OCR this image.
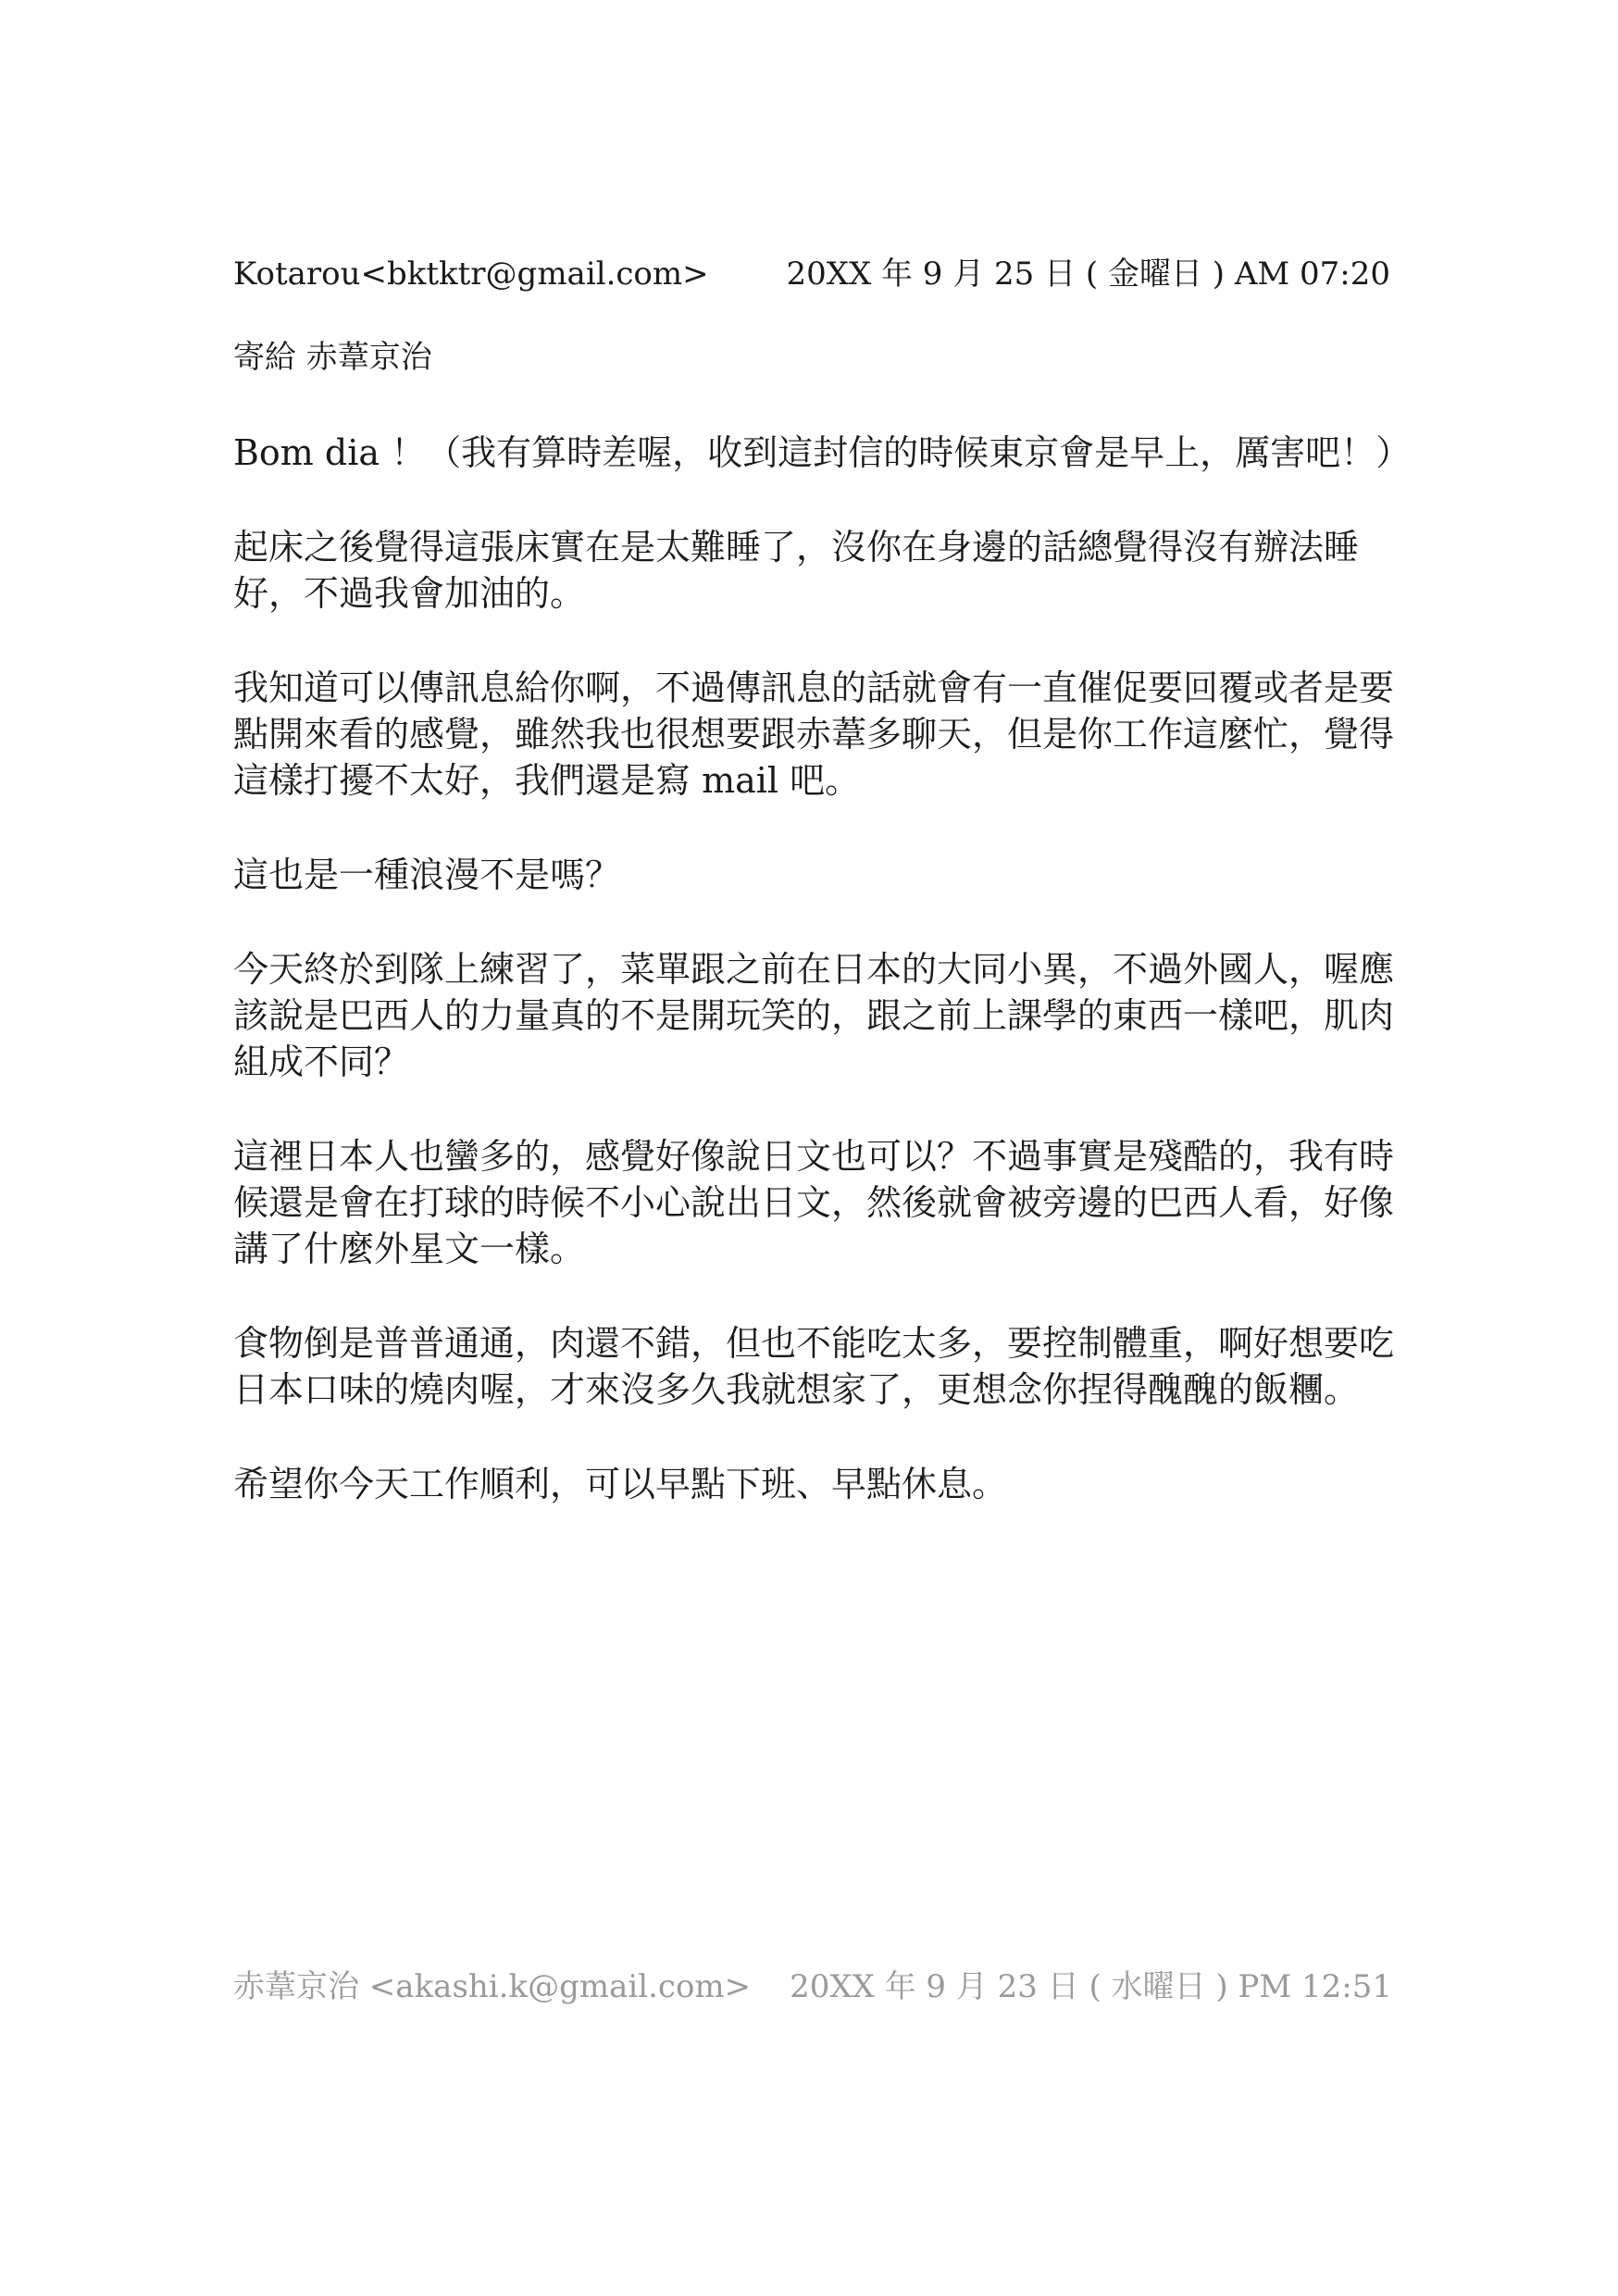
Kotarou<bktktr@gmail.com> 20XX 年 9 月 25 日 ( 金曜日 ) AM 07:20
寄給 赤葦京治

Bom dia ！（我有算時差喔，收到這封信的時候東京會是早上，厲害吧！）

起床之後覺得這張床實在是太難睡了，沒你在身邊的話總覺得沒有辦法睡好，不過我會加油的。

我知道可以傳訊息給你啊，不過傳訊息的話就會有一直催促要回覆或者是要點開來看的感覺，雖然我也很想要跟赤葦多聊天，但是你工作這麼忙，覺得這樣打擾不太好，我們還是寫 mail 吧。

這也是一種浪漫不是嗎？

今天終於到隊上練習了，菜單跟之前在日本的大同小異，不過外國人，喔應該說是巴西人的力量真的不是開玩笑的，跟之前上課學的東西一樣吧，肌肉組成不同？

這裡日本人也蠻多的，感覺好像說日文也可以？不過事實是殘酷的，我有時候還是會在打球的時候不小心說出日文，然後就會被旁邊的巴西人看，好像講了什麼外星文一樣。

食物倒是普普通通，肉還不錯，但也不能吃太多，要控制體重，啊好想要吃日本口味的燒肉喔，才來沒多久我就想家了，更想念你捏得醜醜的飯糰。

希望你今天工作順利，可以早點下班、早點休息。

赤葦京治 <akashi.k@gmail.com> 20XX 年 9 月 23 日 ( 水曜日 ) PM 12:51
